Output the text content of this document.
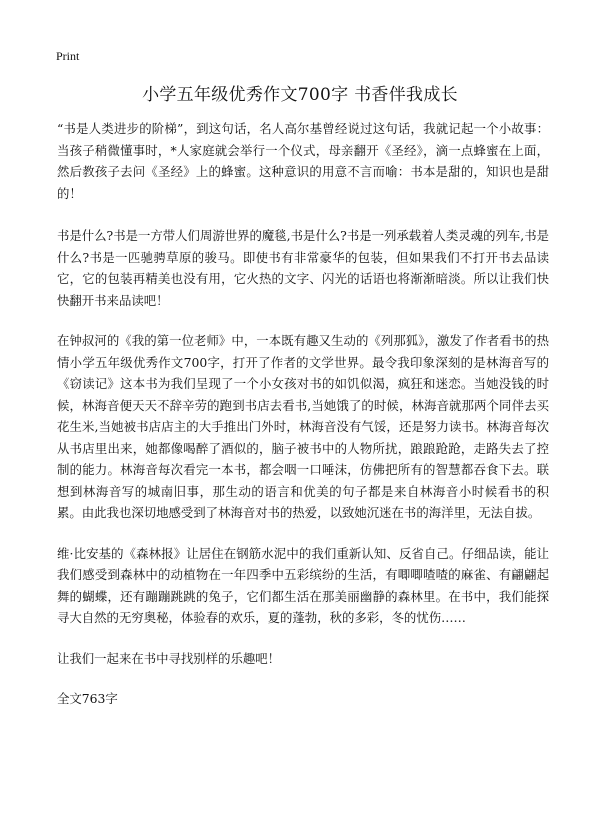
Print
小学五年级优秀作文700字 书香伴我成长

“书是人类进步的阶梯”，到这句话，名人高尔基曾经说过这句话，我就记起一个小故事：当孩子稍微懂事时，*人家庭就会举行一个仪式，母亲翻开《圣经》，滴一点蜂蜜在上面，然后教孩子去问《圣经》上的蜂蜜。这种意识的用意不言而喻：书本是甜的，知识也是甜的！

书是什么?书是一方带人们周游世界的魔毯,书是什么?书是一列承载着人类灵魂的列车,书是什么?书是一匹驰骋草原的骏马。即使书有非常豪华的包装，但如果我们不打开书去品读它，它的包装再精美也没有用，它火热的文字、闪光的话语也将渐渐暗淡。所以让我们快快翻开书来品读吧！

在钟叔河的《我的第一位老师》中，一本既有趣又生动的《列那狐》，激发了作者看书的热情小学五年级优秀作文700字，打开了作者的文学世界。最令我印象深刻的是林海音写的《窃读记》这本书为我们呈现了一个小女孩对书的如饥似渴，疯狂和迷恋。当她没钱的时候，林海音便天天不辞辛劳的跑到书店去看书,当她饿了的时候，林海音就那两个同伴去买花生米,当她被书店店主的大手推出门外时，林海音没有气馁，还是努力读书。林海音每次从书店里出来，她都像喝醉了酒似的，脑子被书中的人物所扰，踉踉跄跄，走路失去了控制的能力。林海音每次看完一本书，都会咽一口唾沫，仿佛把所有的智慧都吞食下去。联想到林海音写的城南旧事，那生动的语言和优美的句子都是来自林海音小时候看书的积累。由此我也深切地感受到了林海音对书的热爱，以致她沉迷在书的海洋里，无法自拔。

维·比安基的《森林报》让居住在钢筋水泥中的我们重新认知、反省自己。仔细品读，能让我们感受到森林中的动植物在一年四季中五彩缤纷的生活，有唧唧喳喳的麻雀、有翩翩起舞的蝴蝶，还有蹦蹦跳跳的兔子，它们都生活在那美丽幽静的森林里。在书中，我们能探寻大自然的无穷奥秘，体验春的欢乐，夏的蓬勃，秋的多彩，冬的忧伤……

让我们一起来在书中寻找别样的乐趣吧！

全文763字
